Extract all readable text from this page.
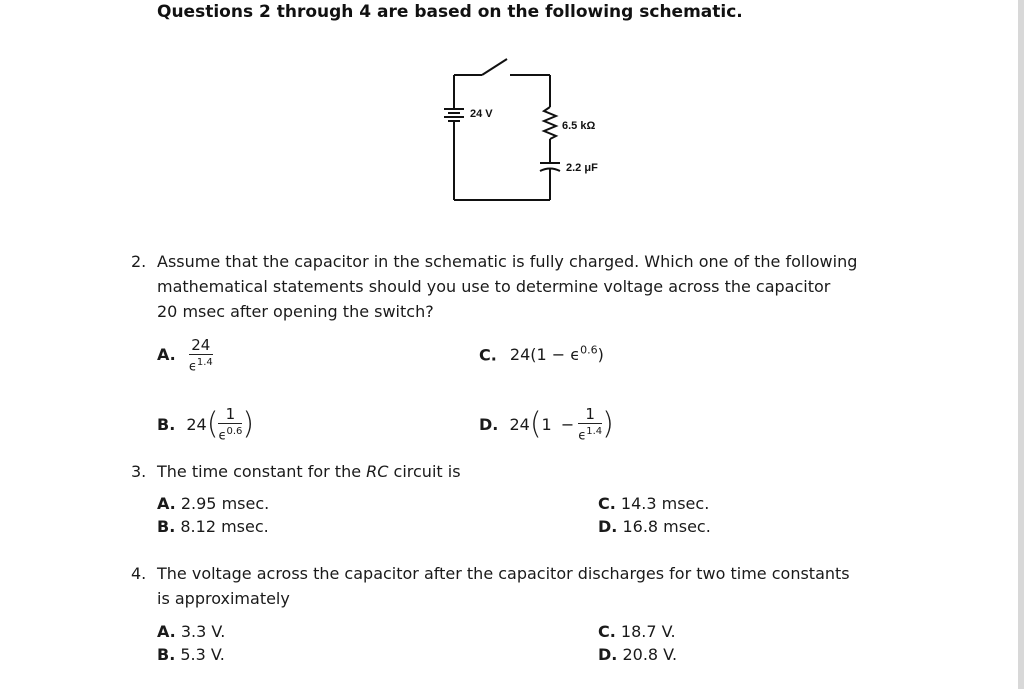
Questions 2 through 4 are based on the following schematic.
24 V
6.5 kΩ
2.2 μF
2. Assume that the capacitor in the schematic is fully charged. Which one of the following
mathematical statements should you use to determine voltage across the capacitor
20 msec after opening the switch?
A. $\frac{24}{\epsilon^{1.4}}$	C. $24(1 - \epsilon^{0.6})$
B. $24( \frac{1}{\epsilon^{0.6}}$ )	D. $24(1 - \frac{1}{\epsilon^{1.4}}$ )
3. The time constant for the RC circuit is
A. 2.95 msec.
B. 8.12 msec.
C. 14.3 msec.
D. 16.8 msec.
4. The voltage across the capacitor after the capacitor discharges for two time constants
is approximately
A. 3.3 V.
B. 5.3 V.
C. 18.7 V.
D. 20.8 V.
